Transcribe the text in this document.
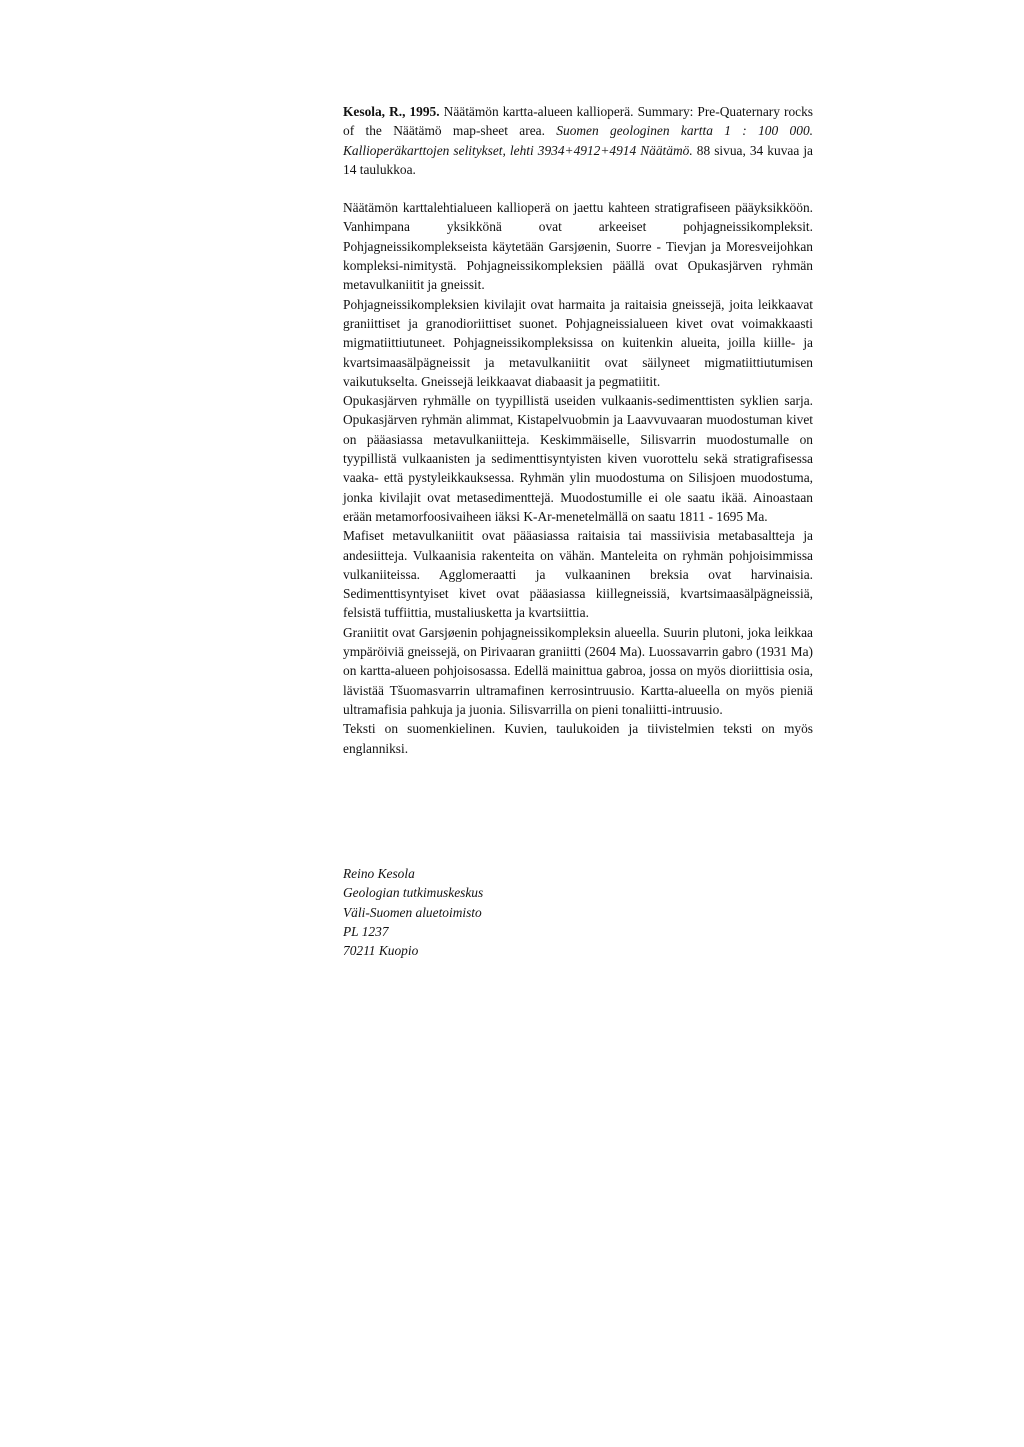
Kesola, R., 1995. Näätämön kartta-alueen kallioperä. Summary: Pre-Quaternary rocks of the Näätämö map-sheet area. Suomen geologinen kartta 1 : 100 000. Kallioperäkarttojen selitykset, lehti 3934+4912+4914 Näätämö. 88 sivua, 34 kuvaa ja 14 taulukkoa.

Näätämön karttalehtialueen kallioperä on jaettu kahteen stratigrafiseen pääyksikköön. Vanhimpana yksikkönä ovat arkeeiset pohjagneissikompleksit. Pohjagneissikomplekseista käytetään Garsjøenin, Suorre - Tievjan ja Moresveijohkan kompleksi-nimitystä. Pohjagneissikompleksien päällä ovat Opukasjärven ryhmän metavulkaniitit ja gneissit.

Pohjagneissikompleksien kivilajit ovat harmaita ja raitaisia gneissejä, joita leikkaavat graniittiset ja granodioriittiset suonet. Pohjagneissialueen kivet ovat voimakkaasti migmatiittiutuneet. Pohjagneissikompleksissa on kuitenkin alueita, joilla kiille- ja kvartsimaasälpägneissit ja metavulkaniitit ovat säilyneet migmatiittiutumisen vaikutukselta. Gneissejä leikkaavat diabaasit ja pegmatiitit.

Opukasjärven ryhmälle on tyypillistä useiden vulkaanis-sedimenttisten syklien sarja. Opukasjärven ryhmän alimmat, Kistapelvuobmin ja Laavvuvaaran muodostuman kivet on pääasiassa metavulkaniitteja. Keskimmäiselle, Silisvarrin muodostumalle on tyypillistä vulkaanisten ja sedimenttisyntyisten kiven vuorottelu sekä stratigrafisessa vaaka- että pystyleikkauksessa. Ryhmän ylin muodostuma on Silisjoen muodostuma, jonka kivilajit ovat metasedimenttejä. Muodostumille ei ole saatu ikää. Ainoastaan erään metamorfoosivaiheen iäksi K-Ar-menetelmällä on saatu 1811 - 1695 Ma.

Mafiset metavulkaniitit ovat pääasiassa raitaisia tai massiivisia metabasaltteja ja andesiitteja. Vulkaanisia rakenteita on vähän. Manteleita on ryhmän pohjoisimmissa vulkaniiteissa. Agglomeraatti ja vulkaaninen breksia ovat harvinaisia. Sedimenttisyntyiset kivet ovat pääasiassa kiillegneissiä, kvartsimaasälpägneissiä, felsistä tuffiittia, mustaliusketta ja kvartsiittia.

Graniitit ovat Garsjøenin pohjagneissikompleksin alueella. Suurin plutoni, joka leikkaa ympäröiviä gneissejä, on Pirivaaran graniitti (2604 Ma). Luossavarrin gabro (1931 Ma) on kartta-alueen pohjoisosassa. Edellä mainittua gabroa, jossa on myös dioriittisia osia, lävistää Tšuomasvarrin ultramafinen kerrosintruusio. Kartta-alueella on myös pieniä ultramafisia pahkuja ja juonia. Silisvarrilla on pieni tonaliitti-intruusio.

Teksti on suomenkielinen. Kuvien, taulukoiden ja tiivistelmien teksti on myös englanniksi.

Reino Kesola
Geologian tutkimuskeskus
Väli-Suomen aluetoimisto
PL 1237
70211 Kuopio
